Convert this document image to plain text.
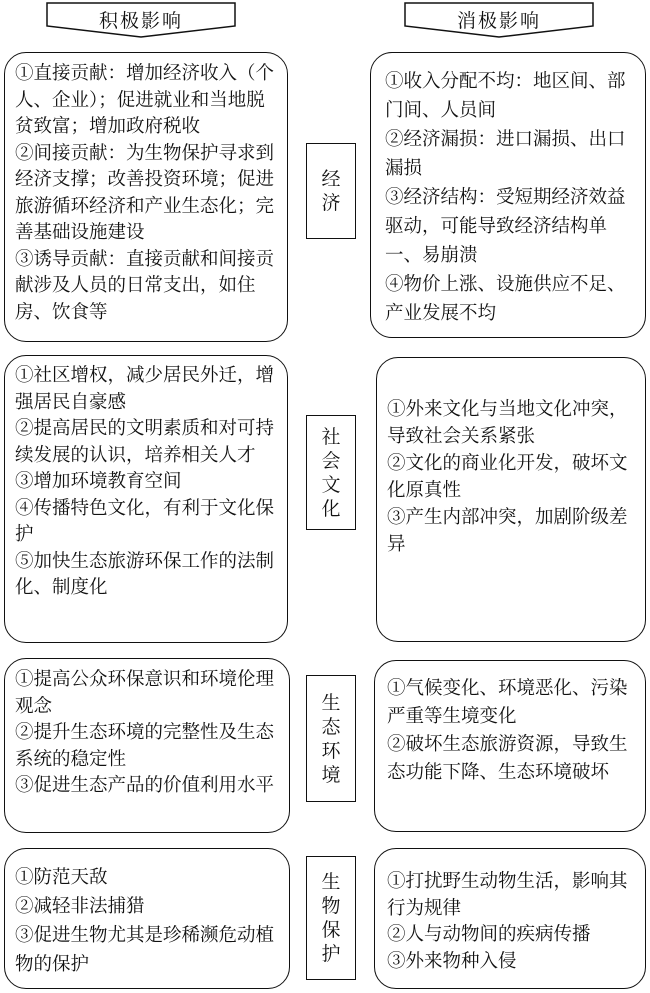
积极影响	消极影响

①直接贡献：增加经济收入（个人、企业）；促进就业和当地脱贫致富；增加政府税收

②间接贡献：为生物保护寻求到经济支撑；改善投资环境；促进旅游循环经济和产业生态化；完善基础设施建设

③诱导贡献：直接贡献和间接贡献涉及人员的日常支出，如住房、饮食等

经
济

①收入分配不均：地区间、部门间、人员间

②经济漏损：进口漏损、出口漏损

③经济结构：受短期经济效益驱动，可能导致经济结构单一、易崩溃

④物价上涨、设施供应不足、产业发展不均

①社区增权，减少居民外迁，增强居民自豪感

②提高居民的文明素质和对可持续发展的认识，培养相关人才

③增加环境教育空间

④传播特色文化，有利于文化保护

⑤加快生态旅游环保工作的法制化、制度化

社
会
文
化

①外来文化与当地文化冲突，导致社会关系紧张

②文化的商业化开发，破坏文化原真性

③产生内部冲突，加剧阶级差异

①提高公众环保意识和环境伦理观念

②提升生态环境的完整性及生态系统的稳定性

③促进生态产品的价值利用水平

生
态
环
境

①气候变化、环境恶化、污染严重等生境变化

②破坏生态旅游资源，导致生态功能下降、生态环境破坏

①防范天敌

②减轻非法捕猎

③促进生物尤其是珍稀濒危动植物的保护

生
物
保
护

①打扰野生动物生活，影响其行为规律

②人与动物间的疾病传播

③外来物种入侵
